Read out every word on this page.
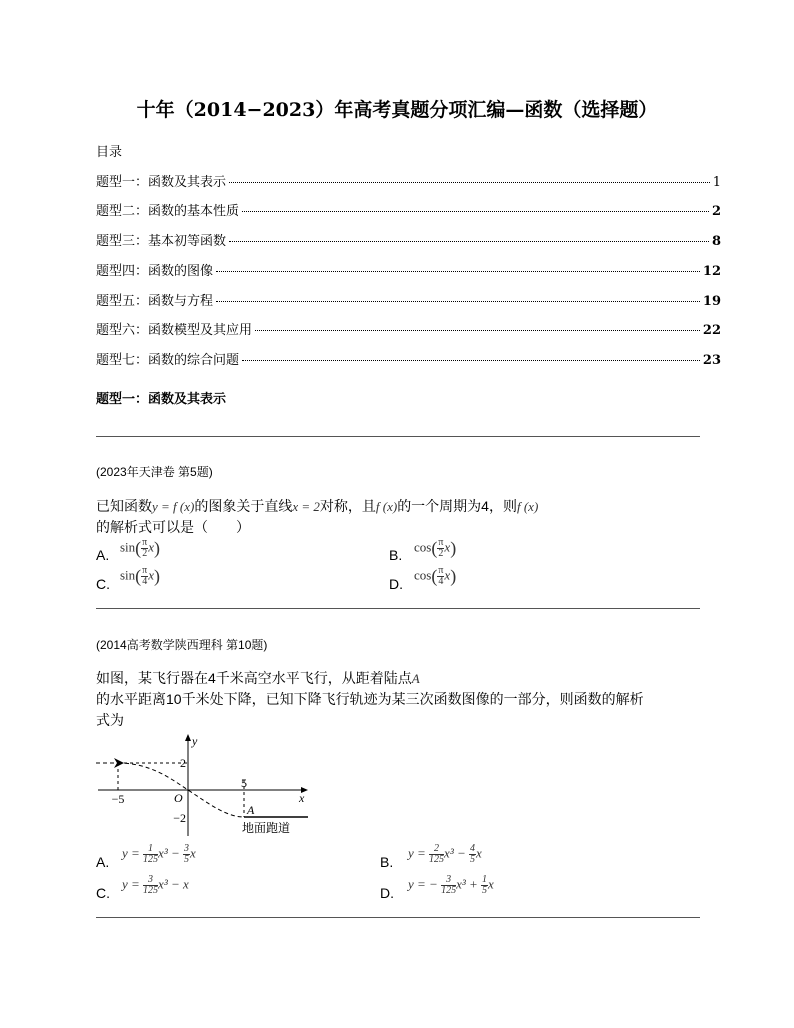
十年（2014−2023）年高考真题分项汇编—函数（选择题）
目录
题型一：函数及其表示	1
题型二：函数的基本性质	2
题型三：基本初等函数	8
题型四：函数的图像	12
题型五：函数与方程	19
题型六：函数模型及其应用	22
题型七：函数的综合问题	23
题型一：函数及其表示
(2023年天津卷 第5题)
已知函数y = f (x)的图象关于直线x = 2对称，且f (x)的一个周期为4，则f (x)
的解析式可以是（　　）
A.
$\sin( \frac{\pi}{2} x)$	B.
$\cos( \frac{\pi}{2} x)$
C.
$\sin( \frac{\pi}{4} x)$	D.
$\cos( \frac{\pi}{4} x)$
(2014高考数学陕西理科 第10题)
如图，某飞行器在4千米高空水平飞行，从距着陆点A
的水平距离10千米处下降，已知下降飞行轨迹为某三次函数图像的一部分，则函数的解析
式为
y
x
O
2
−2
−5
5
A
地面跑道
A.
$y = \frac{1}{125} x^3 - \frac{3}{5}$ x
B.
$y = \frac{2}{125} x^3 - \frac{4}{5}$ x
C.
$y = \frac{3}{125} x^3 - x$
D.
y = − $\frac{3}{125} x^3 + \frac{1}{5}$ x
